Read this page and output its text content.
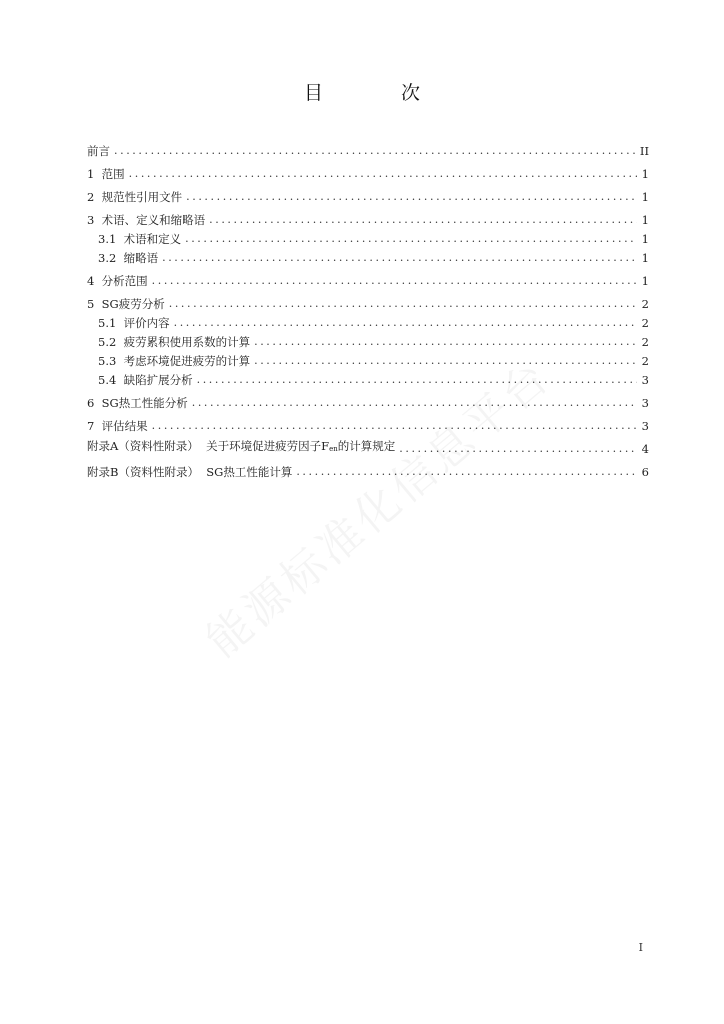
目 次
前言 .....	II
1 范围 .....	1
2 规范性引用文件 .....	1
3 术语、定义和缩略语 .....	1
3.1 术语和定义 .....	1
3.2 缩略语 .....	1
4 分析范围 .....	1
5 SG疲劳分析 .....	2
5.1 评价内容 .....	2
5.2 疲劳累积使用系数的计算 .....	2
5.3 考虑环境促进疲劳的计算 .....	2
5.4 缺陷扩展分析 .....	3
6 SG热工性能分析 .....	3
7 评估结果 .....	3
附录A（资料性附录）  关于环境促进疲劳因子Fen的计算规定 .....	4
附录B（资料性附录）  SG热工性能计算 .....	6
I
